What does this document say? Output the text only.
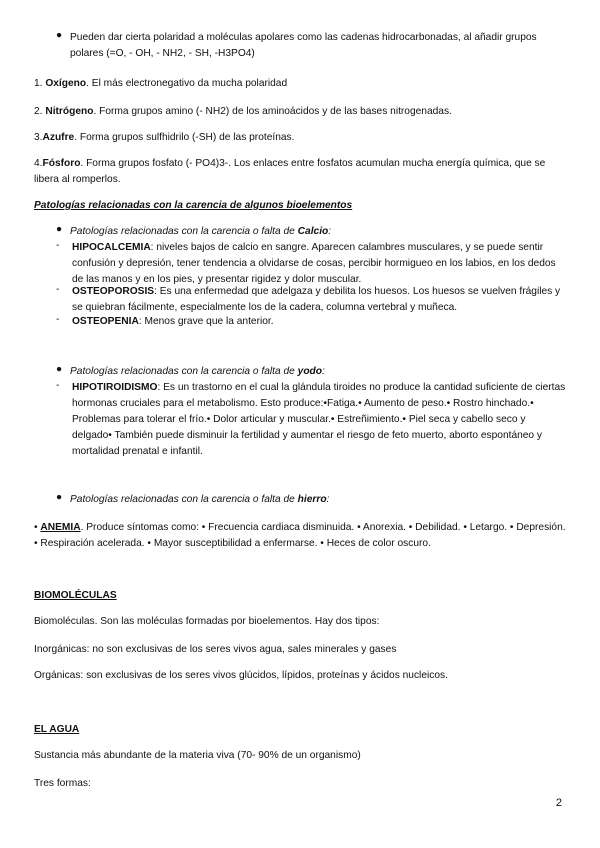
● Pueden dar cierta polaridad a moléculas apolares como las cadenas hidrocarbonadas, al añadir grupos polares (=O, - OH, - NH2, - SH, -H3PO4)

1. Oxígeno. El más electronegativo da mucha polaridad

2. Nitrógeno. Forma grupos amino (- NH2) de los aminoácidos y de las bases nitrogenadas.

3.Azufre. Forma grupos sulfhidrilo (-SH) de las proteínas.

4.Fósforo. Forma grupos fosfato (- PO4)3-. Los enlaces entre fosfatos acumulan mucha energía química, que se libera al romperlos.

Patologías relacionadas con la carencia de algunos bioelementos

● Patologías relacionadas con la carencia o falta de Calcio:
-	HIPOCALCEMIA: niveles bajos de calcio en sangre. Aparecen calambres musculares, y se puede sentir confusión y depresión, tener tendencia a olvidarse de cosas, percibir hormigueo en los labios, en los dedos de las manos y en los pies, y presentar rigidez y dolor muscular.
-	OSTEOPOROSIS: Es una enfermedad que adelgaza y debilita los huesos. Los huesos se vuelven frágiles y se quiebran fácilmente, especialmente los de la cadera, columna vertebral y muñeca.
-	OSTEOPENIA: Menos grave que la anterior.
● Patologías relacionadas con la carencia o falta de yodo:
-	HIPOTIROIDISMO: Es un trastorno en el cual la glándula tiroides no produce la cantidad suficiente de ciertas hormonas cruciales para el metabolismo. Esto produce:•Fatiga.• Aumento de peso.• Rostro hinchado.• Problemas para tolerar el frío.• Dolor articular y muscular.• Estreñimiento.• Piel seca y cabello seco y delgado• También puede disminuir la fertilidad y aumentar el riesgo de feto muerto, aborto espontáneo y mortalidad prenatal e infantil.
● Patologías relacionadas con la carencia o falta de hierro:

• ANEMIA. Produce síntomas como: • Frecuencia cardiaca disminuida. • Anorexia. • Debilidad. • Letargo. • Depresión. • Respiración acelerada. • Mayor susceptibilidad a enfermarse. • Heces de color oscuro.

BIOMOLÉCULAS

Biomoléculas. Son las moléculas formadas por bioelementos. Hay dos tipos:

Inorgánicas: no son exclusivas de los seres vivos agua, sales minerales y gases

Orgánicas: son exclusivas de los seres vivos glúcidos, lípidos, proteínas y ácidos nucleicos.

EL AGUA

Sustancia más abundante de la materia viva (70- 90% de un organismo)

Tres formas:

2
